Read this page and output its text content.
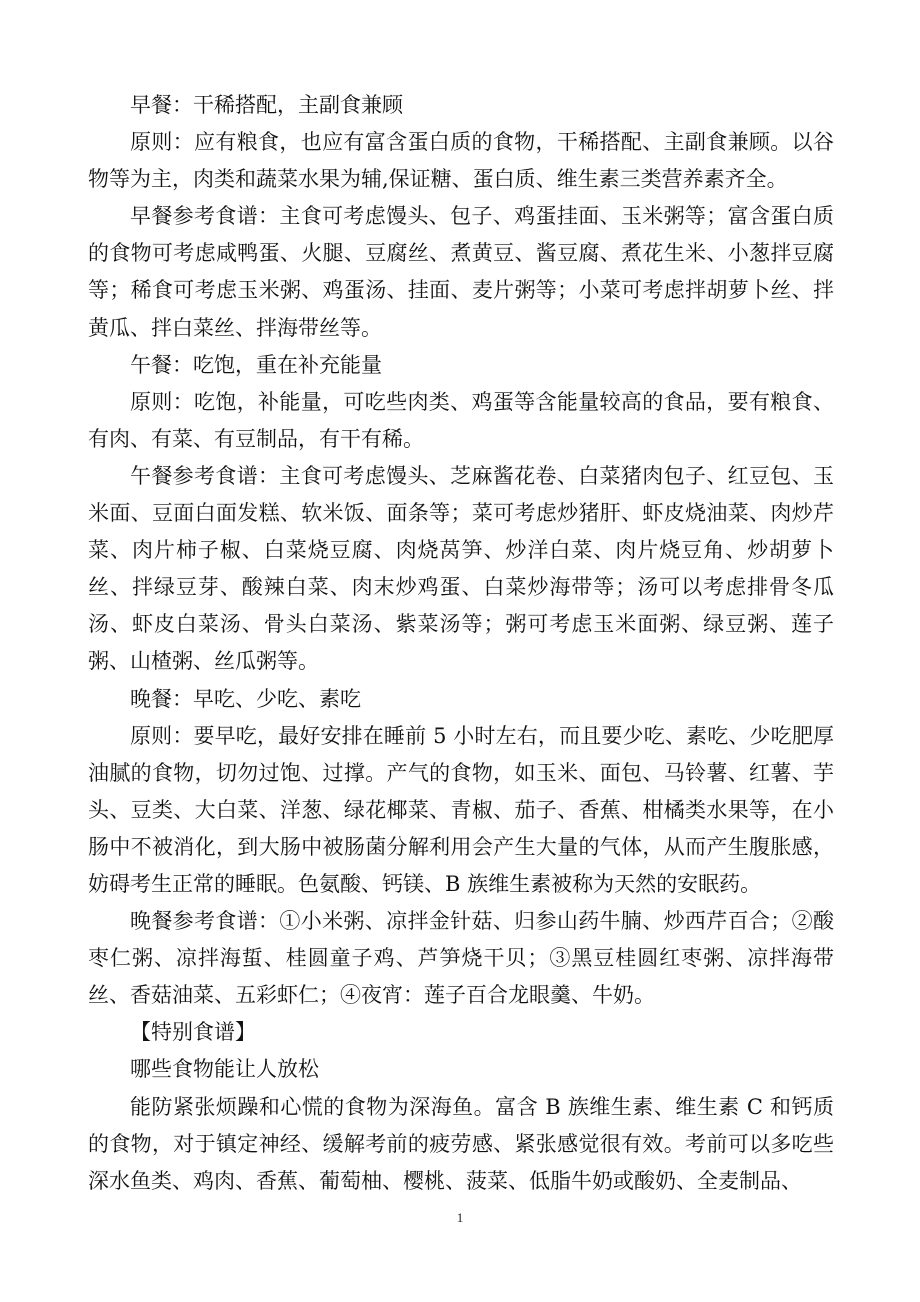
早餐：干稀搭配，主副食兼顾

原则：应有粮食，也应有富含蛋白质的食物，干稀搭配、主副食兼顾。以谷物等为主，肉类和蔬菜水果为辅,保证糖、蛋白质、维生素三类营养素齐全。

早餐参考食谱：主食可考虑馒头、包子、鸡蛋挂面、玉米粥等；富含蛋白质的食物可考虑咸鸭蛋、火腿、豆腐丝、煮黄豆、酱豆腐、煮花生米、小葱拌豆腐等；稀食可考虑玉米粥、鸡蛋汤、挂面、麦片粥等；小菜可考虑拌胡萝卜丝、拌黄瓜、拌白菜丝、拌海带丝等。

午餐：吃饱，重在补充能量

原则：吃饱，补能量，可吃些肉类、鸡蛋等含能量较高的食品，要有粮食、有肉、有菜、有豆制品，有干有稀。

午餐参考食谱：主食可考虑馒头、芝麻酱花卷、白菜猪肉包子、红豆包、玉米面、豆面白面发糕、软米饭、面条等；菜可考虑炒猪肝、虾皮烧油菜、肉炒芹菜、肉片柿子椒、白菜烧豆腐、肉烧莴笋、炒洋白菜、肉片烧豆角、炒胡萝卜丝、拌绿豆芽、酸辣白菜、肉末炒鸡蛋、白菜炒海带等；汤可以考虑排骨冬瓜汤、虾皮白菜汤、骨头白菜汤、紫菜汤等；粥可考虑玉米面粥、绿豆粥、莲子粥、山楂粥、丝瓜粥等。

晚餐：早吃、少吃、素吃

原则：要早吃，最好安排在睡前 5 小时左右，而且要少吃、素吃、少吃肥厚油腻的食物，切勿过饱、过撑。产气的食物，如玉米、面包、马铃薯、红薯、芋头、豆类、大白菜、洋葱、绿花椰菜、青椒、茄子、香蕉、柑橘类水果等，在小肠中不被消化，到大肠中被肠菌分解利用会产生大量的气体，从而产生腹胀感，妨碍考生正常的睡眠。色氨酸、钙镁、B 族维生素被称为天然的安眠药。

晚餐参考食谱：①小米粥、凉拌金针菇、归参山药牛腩、炒西芹百合；②酸枣仁粥、凉拌海蜇、桂圆童子鸡、芦笋烧干贝；③黑豆桂圆红枣粥、凉拌海带丝、香菇油菜、五彩虾仁；④夜宵：莲子百合龙眼羹、牛奶。

【特别食谱】

哪些食物能让人放松

能防紧张烦躁和心慌的食物为深海鱼。富含 B 族维生素、维生素 C 和钙质的食物，对于镇定神经、缓解考前的疲劳感、紧张感觉很有效。考前可以多吃些深水鱼类、鸡肉、香蕉、葡萄柚、樱桃、菠菜、低脂牛奶或酸奶、全麦制品、

1
